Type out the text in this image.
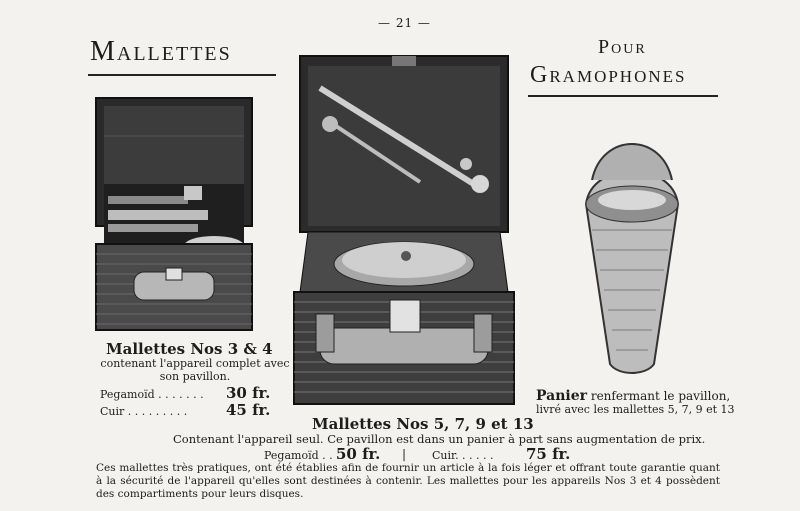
— 21 —
Mallettes	Pour
Gramophones
Mallettes Nos 3 & 4
contenant l'appareil complet avec son pavillon.
Pegamoïd . . . . . . . 30 fr.
Cuir . . . . . . . . .	45 fr.
Mallettes Nos 5, 7, 9 et 13
Contenant l'appareil seul. Ce pavillon est dans un panier à part sans augmentation de prix.
Pegamoïd . . .
50 fr. | Cuir. . . . . . 75 fr.
Panier renfermant le pavillon,
livré avec les mallettes 5, 7, 9 et 13
Ces mallettes très pratiques, ont été établies afin de fournir un article à la fois léger et offrant toute garantie quant à la sécurité de l'appareil qu'elles sont destinées à contenir. Les mallettes pour les appareils Nos 3 et 4 possèdent des compartiments pour leurs disques.
